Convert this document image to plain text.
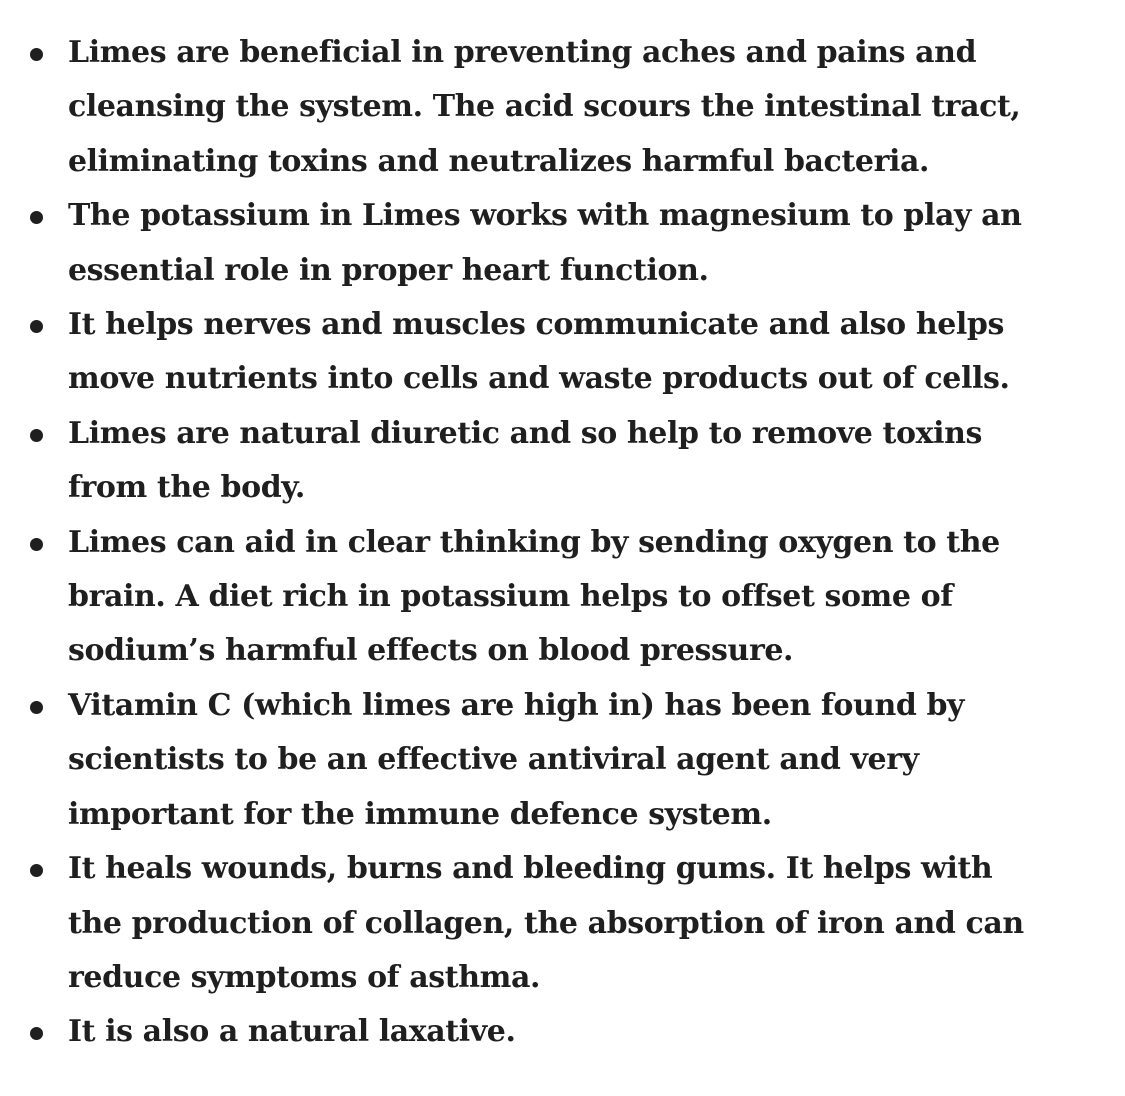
Limes are beneficial in preventing aches and pains and
cleansing the system. The acid scours the intestinal tract,
eliminating toxins and neutralizes harmful bacteria.
The potassium in Limes works with magnesium to play an
essential role in proper heart function.
It helps nerves and muscles communicate and also helps
move nutrients into cells and waste products out of cells.
Limes are natural diuretic and so help to remove toxins
from the body.
Limes can aid in clear thinking by sending oxygen to the
brain. A diet rich in potassium helps to offset some of
sodium’s harmful effects on blood pressure.
Vitamin C (which limes are high in) has been found by
scientists to be an effective antiviral agent and very
important for the immune defence system.
It heals wounds, burns and bleeding gums. It helps with
the production of collagen, the absorption of iron and can
reduce symptoms of asthma.
It is also a natural laxative.
